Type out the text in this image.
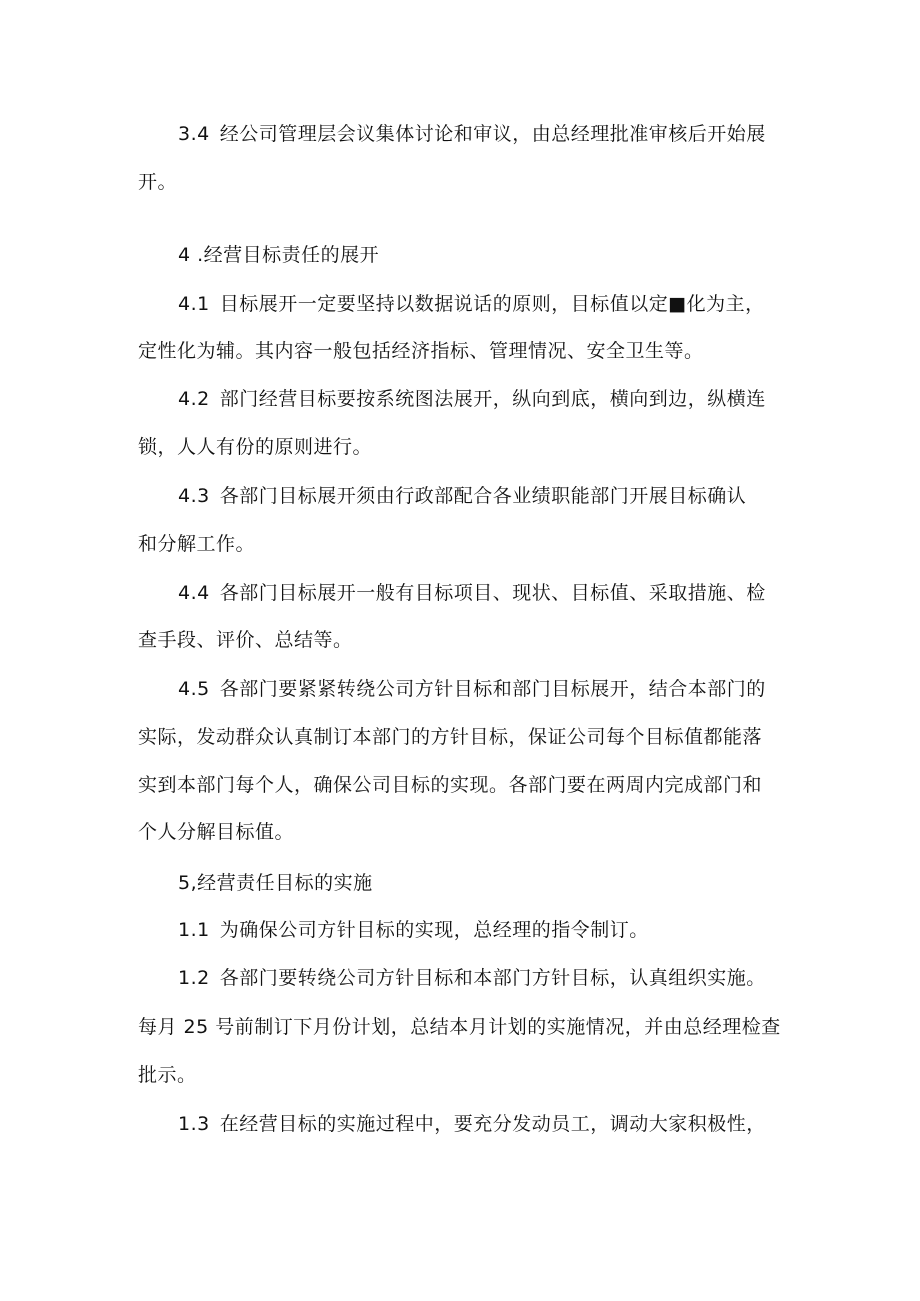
3.4 经公司管理层会议集体讨论和审议，由总经理批准审核后开始展
开。
4 .经营目标责任的展开
4.1 目标展开一定要坚持以数据说话的原则，目标值以定■化为主，
定性化为辅。其内容一般包括经济指标、管理情况、安全卫生等。
4.2 部门经营目标要按系统图法展开，纵向到底，横向到边，纵横连
锁，人人有份的原则进行。
4.3 各部门目标展开须由行政部配合各业绩职能部门开展目标确认
和分解工作。
4.4 各部门目标展开一般有目标项目、现状、目标值、采取措施、检
查手段、评价、总结等。
4.5 各部门要紧紧转绕公司方针目标和部门目标展开，结合本部门的
实际，发动群众认真制订本部门的方针目标，保证公司每个目标值都能落
实到本部门每个人，确保公司目标的实现。各部门要在两周内完成部门和
个人分解目标值。
5,经营责任目标的实施
1.1 为确保公司方针目标的实现，总经理的指令制订。
1.2 各部门要转绕公司方针目标和本部门方针目标，认真组织实施。
每月 25 号前制订下月份计划，总结本月计划的实施情况，并由总经理检查
批示。
1.3 在经营目标的实施过程中，要充分发动员工，调动大家积极性，
